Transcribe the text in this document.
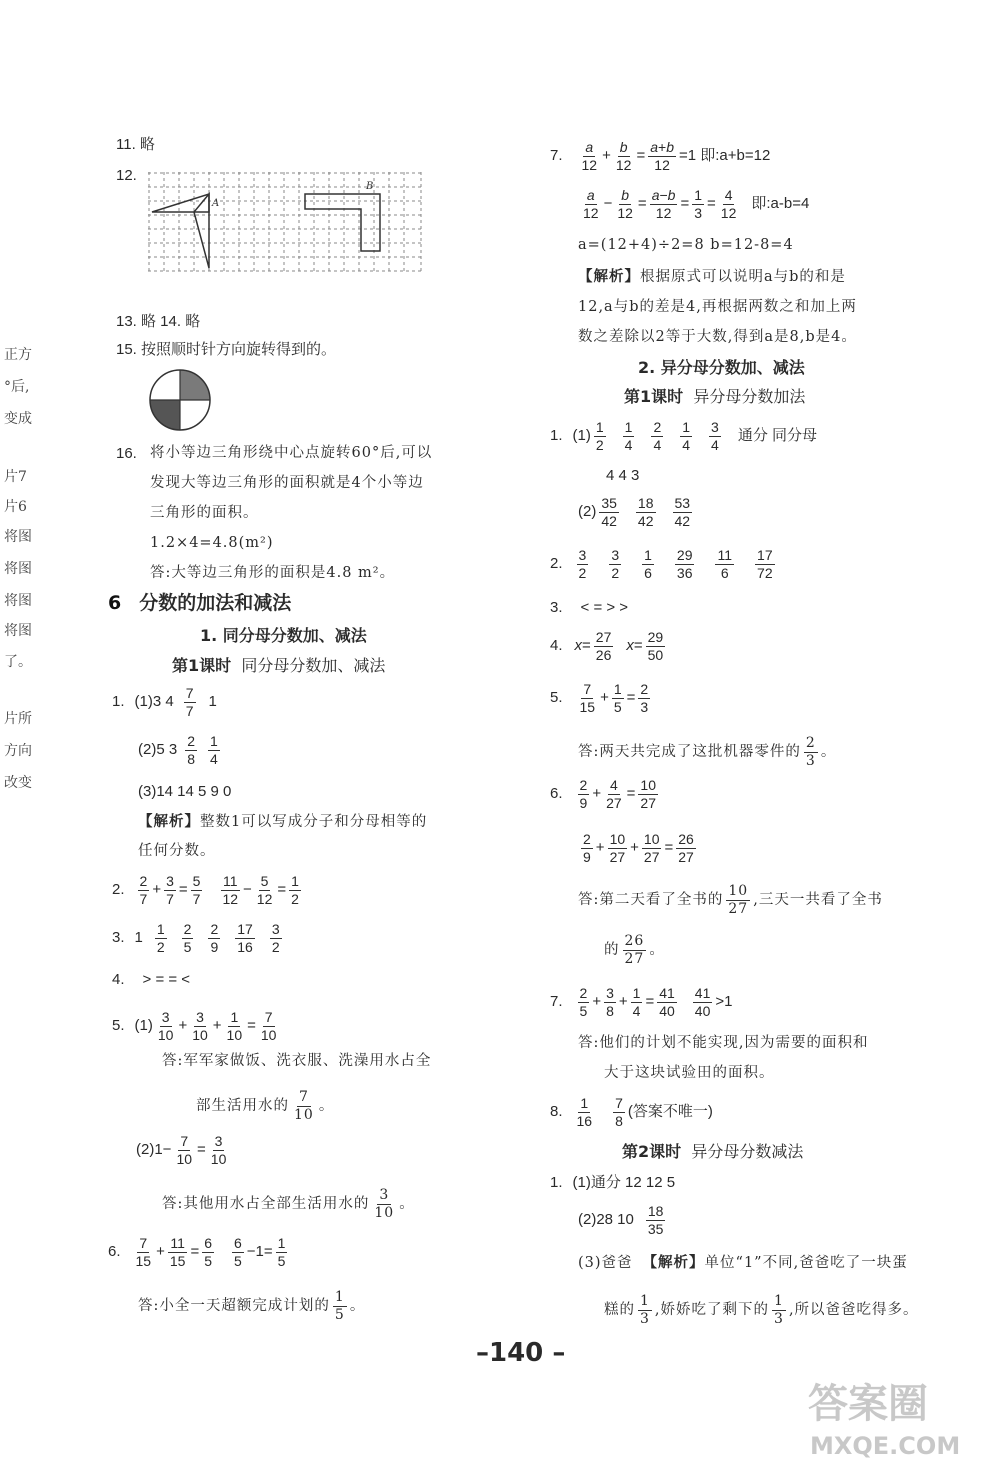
正方
°后,
变成
片7
片6
将图
将图
将图
将图
了。
片所
方向
改变
11. 略
12.
A
B
13. 略 14. 略
15. 按照顺时针方向旋转得到的。
16. 将小等边三角形绕中心点旋转60°后,可以
发现大等边三角形的面积就是4个小等边
三角形的面积。
1.2×4=4.8(m²)
答:大等边三角形的面积是4.8 m²。
6 分数的加法和减法
1. 同分母分数加、减法
第1课时 同分母分数加、减法
1. (1)3 $4 \frac{7}{7} 1$
(2)5 $3 \frac{2}{8} \frac{1}{4}$
(3)14 14 5 9 0
【解析】整数1可以写成分子和分母相等的
任何分数。
2. $\frac{2}{7} + \frac{3}{7} = \frac{5}{7} \frac{11}{12} - \frac{5}{12} = \frac{1}{2}$
3. $1 \frac{1}{2} \frac{2}{5} \frac{2}{9} \frac{17}{16} \frac{3}{2}$
4. > = = <
5. $(1) \frac{3}{10} + \frac{3}{10} + \frac{1}{10} = \frac{7}{10}$
答:军军家做饭、洗衣服、洗澡用水占全
部生活用水的 $\frac{7}{10}$ 。
$(2)1- \frac{7}{10} = \frac{3}{10}$
答:其他用水占全部生活用水的 $\frac{3}{10}$ 。
6. $\frac{7}{15} + \frac{11}{15} = \frac{6}{5} \frac{6}{5} -1= \frac{1}{5}$
答:小全一天超额完成计划的 $\frac{1}{5}$ 。
7. $\frac{a}{12} + \frac{b}{12} = \frac{a+b}{12} =1$ 即:a+b=12
$\frac{a}{12} - \frac{b}{12} = \frac{a-b}{12} = \frac{1}{3} = \frac{4}{12}$ 即:a-b=4
a=(12+4)÷2=8 b=12-8=4
【解析】根据原式可以说明a与b的和是
12,a与b的差是4,再根据两数之和加上两
数之差除以2等于大数,得到a是8,b是4。
2. 异分母分数加、减法
第1课时 异分母分数加法
1. $(1) \frac{1}{2} \frac{1}{4} \frac{2}{4} \frac{1}{4} \frac{3}{4}$ 通分 同分母
4 4 3
$(2) \frac{35}{42} \frac{18}{42} \frac{53}{42}$
2. $\frac{3}{2} \frac{3}{2} \frac{1}{6} \frac{29}{36} \frac{11}{6} \frac{17}{72}$
3. < = > >
4. $x= \frac{27}{26} x= \frac{29}{50}$
5. $\frac{7}{15} + \frac{1}{5} = \frac{2}{3}$
答:两天共完成了这批机器零件的 $\frac{2}{3}$ 。
6. $\frac{2}{9} + \frac{4}{27} = \frac{10}{27}$
$\frac{2}{9} + \frac{10}{27} + \frac{10}{27} = \frac{26}{27}$
答:第二天看了全书的 $\frac{10}{27}$ ,三天一共看了全书
的 $\frac{26}{27}$ 。
7. $\frac{2}{5} + \frac{3}{8} + \frac{1}{4} = \frac{41}{40} \frac{41}{40} >1$
答:他们的计划不能实现,因为需要的面积和
大于这块试验田的面积。
8. $\frac{1}{16} \frac{7}{8}$ (答案不唯一)
第2课时 异分母分数减法
1. (1)通分 12 12 5
(2)28 $10 \frac{18}{35}$
(3)爸爸 【解析】单位“1”不同,爸爸吃了一块蛋
糕的 $\frac{1}{3}$ ,娇娇吃了剩下的 $\frac{1}{3}$ ,所以爸爸吃得多。
–140 –
答案圈
MXQE.COM
